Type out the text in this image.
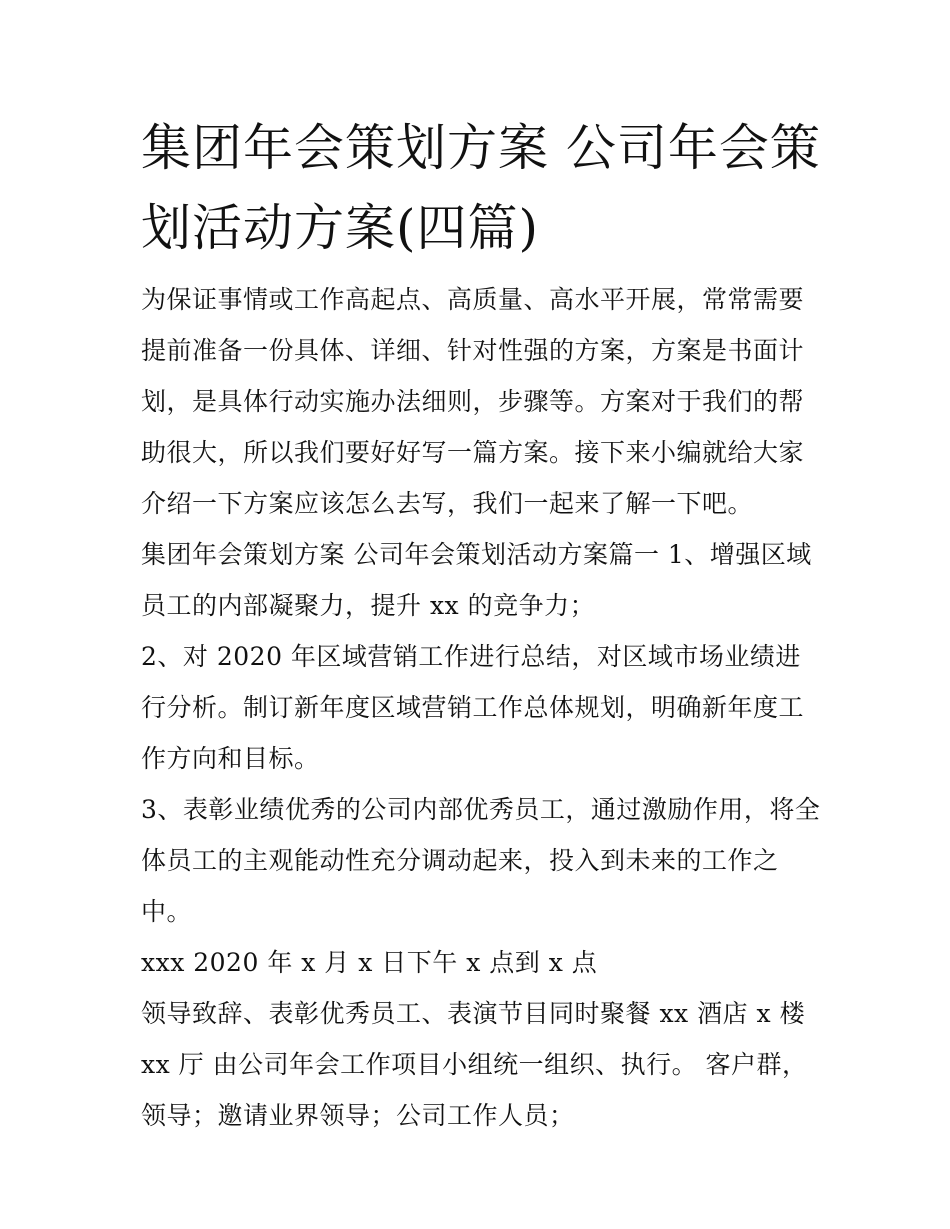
集团年会策划方案 公司年会策划活动方案(四篇)

为保证事情或工作高起点、高质量、高水平开展，常常需要提前准备一份具体、详细、针对性强的方案，方案是书面计划，是具体行动实施办法细则，步骤等。方案对于我们的帮助很大，所以我们要好好写一篇方案。接下来小编就给大家介绍一下方案应该怎么去写，我们一起来了解一下吧。

集团年会策划方案 公司年会策划活动方案篇一 1、增强区域员工的内部凝聚力，提升 xx 的竞争力；

2、对 2020 年区域营销工作进行总结，对区域市场业绩进行分析。制订新年度区域营销工作总体规划，明确新年度工作方向和目标。

3、表彰业绩优秀的公司内部优秀员工，通过激励作用，将全体员工的主观能动性充分调动起来，投入到未来的工作之中。

xxx 2020 年 x 月 x 日下午 x 点到 x 点

领导致辞、表彰优秀员工、表演节目同时聚餐 xx 酒店 x 楼 xx 厅 由公司年会工作项目小组统一组织、执行。 客户群，领导；邀请业界领导；公司工作人员；
